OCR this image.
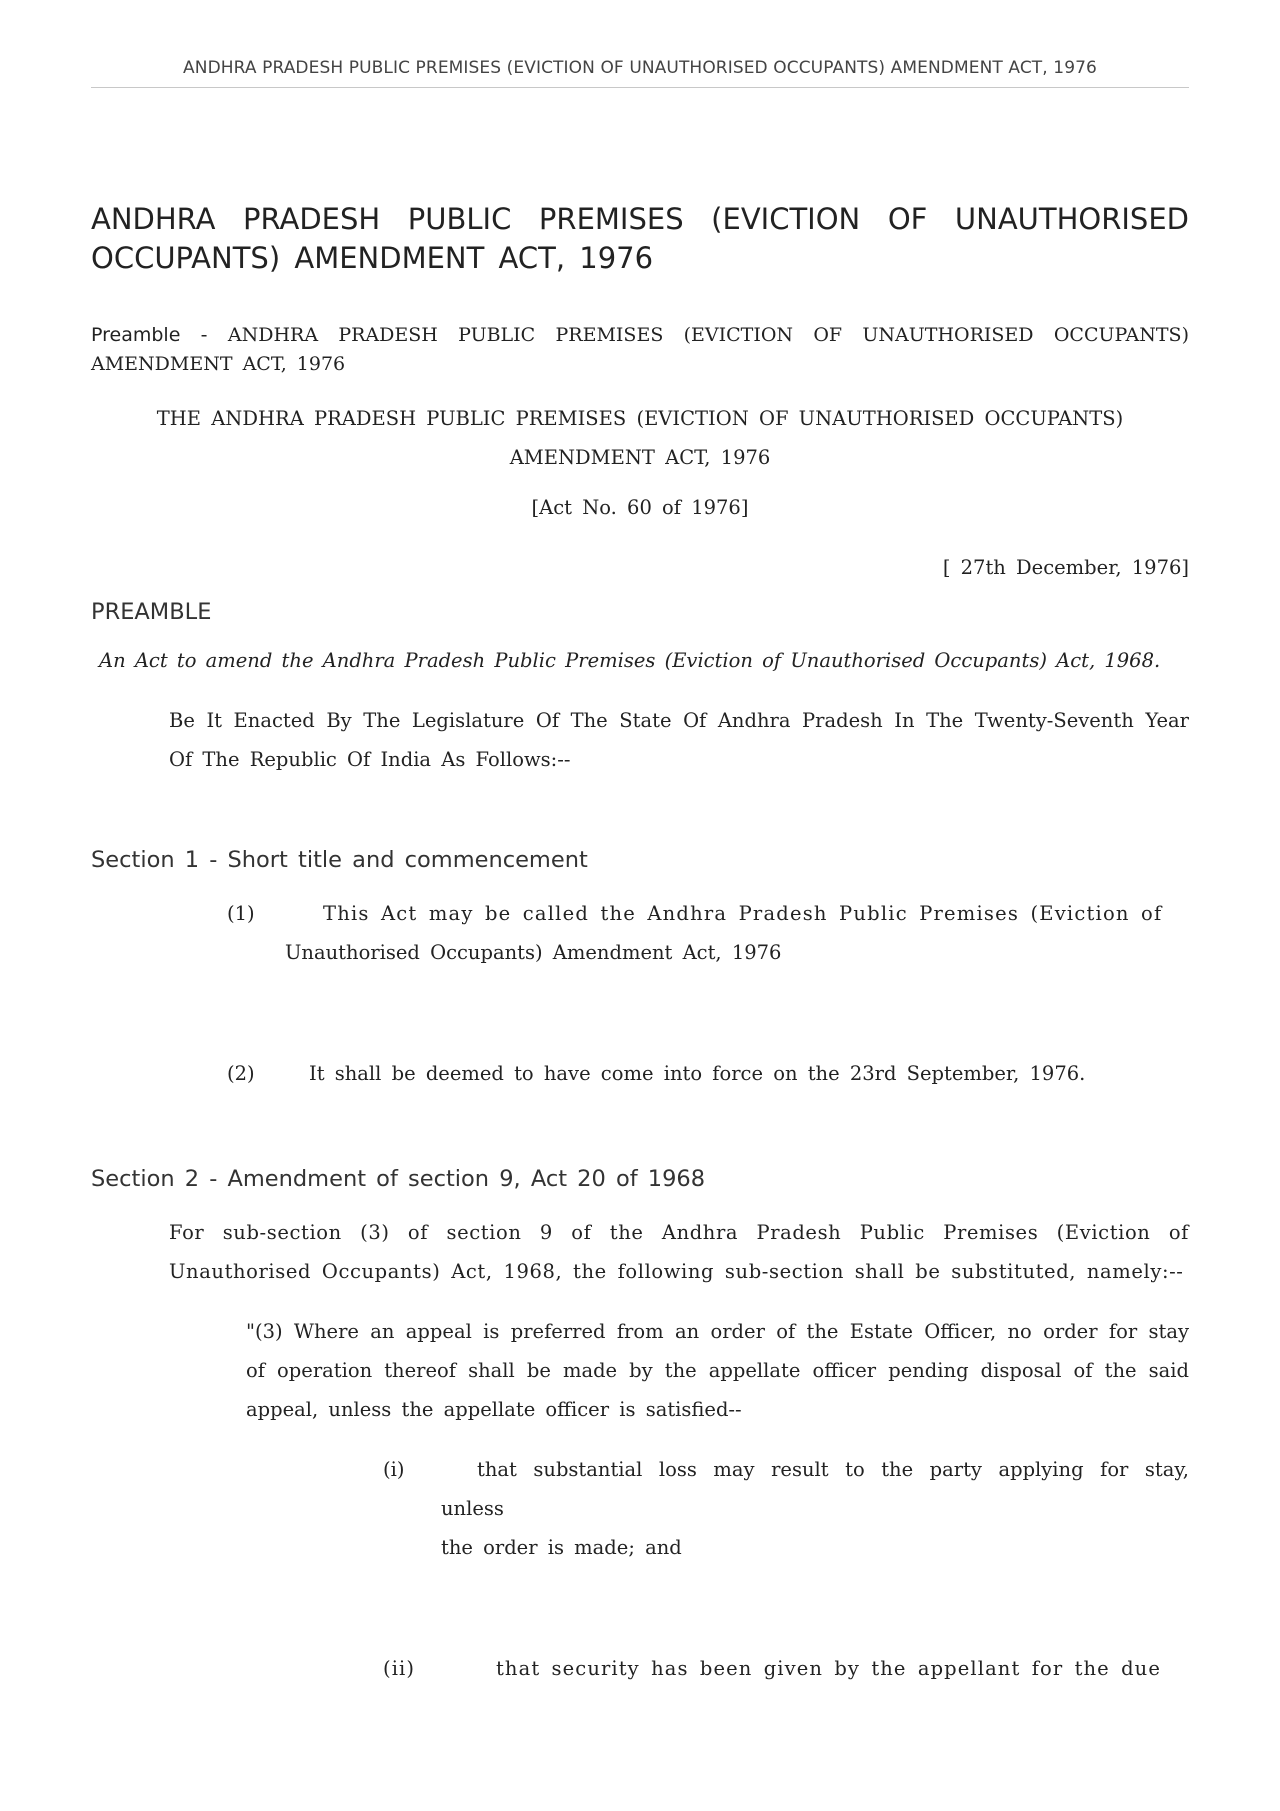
ANDHRA PRADESH PUBLIC PREMISES (EVICTION OF UNAUTHORISED OCCUPANTS) AMENDMENT ACT, 1976
ANDHRA PRADESH PUBLIC PREMISES (EVICTION OF UNAUTHORISED OCCUPANTS) AMENDMENT ACT, 1976

Preamble - ANDHRA PRADESH PUBLIC PREMISES (EVICTION OF UNAUTHORISED OCCUPANTS) AMENDMENT ACT, 1976

THE ANDHRA PRADESH PUBLIC PREMISES (EVICTION OF UNAUTHORISED OCCUPANTS)
AMENDMENT ACT, 1976
[Act No. 60 of 1976]
[ 27th December, 1976]
PREAMBLE

An Act to amend the Andhra Pradesh Public Premises (Eviction of Unauthorised Occupants) Act, 1968.

Be It Enacted By The Legislature Of The State Of Andhra Pradesh In The Twenty-Seventh Year Of The Republic Of India As Follows:--

Section 1 - Short title and commencement
(1)	This Act may be called the Andhra Pradesh Public Premises (Eviction of
Unauthorised Occupants) Amendment Act, 1976
(2)	It shall be deemed to have come into force on the 23rd September, 1976.
Section 2 - Amendment of section 9, Act 20 of 1968

For sub-section (3) of section 9 of the Andhra Pradesh Public Premises (Eviction of Unauthorised Occupants) Act, 1968, the following sub-section shall be substituted, namely:--

"(3) Where an appeal is preferred from an order of the Estate Officer, no order for stay of operation thereof shall be made by the appellate officer pending disposal of the said appeal, unless the appellate officer is satisfied--

(i)	that substantial loss may result to the party applying for stay, unless
the order is made; and
(ii)	that security has been given by the appellant for the due
